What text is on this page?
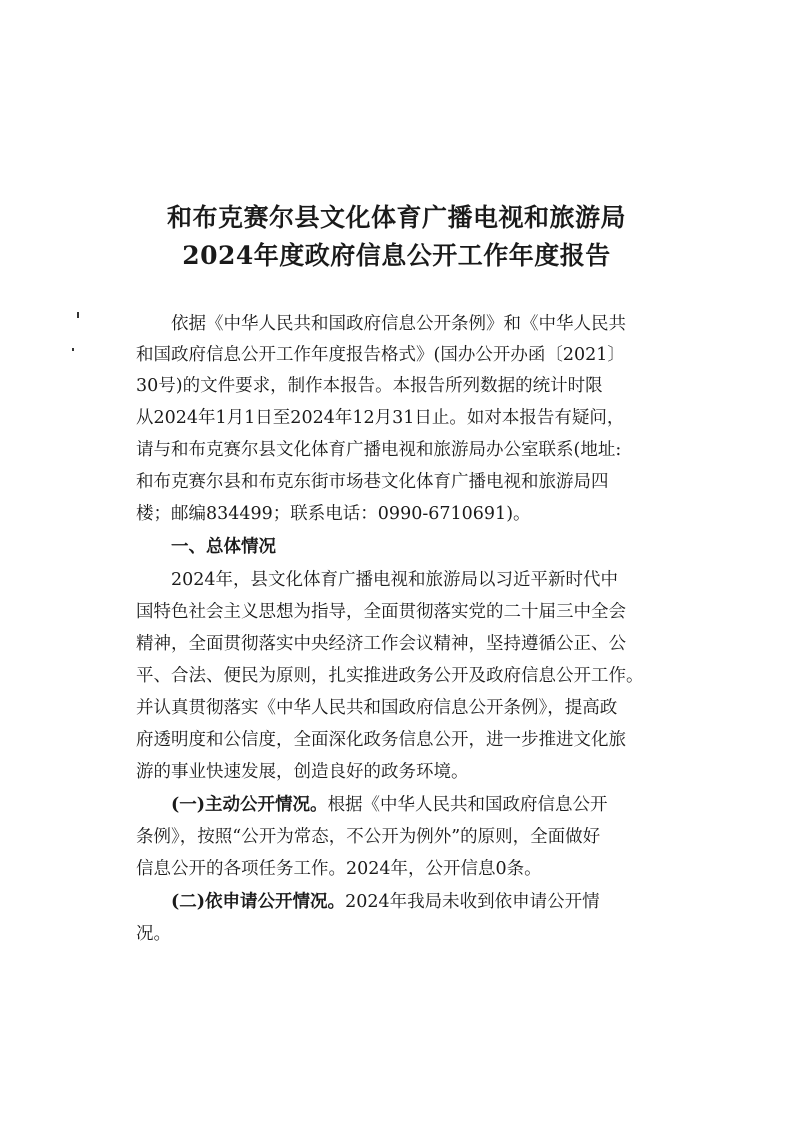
和布克赛尔县文化体育广播电视和旅游局
2024年度政府信息公开工作年度报告
依据《中华人民共和国政府信息公开条例》和《中华人民共
和国政府信息公开工作年度报告格式》(国办公开办函〔2021〕
30号)的文件要求，制作本报告。本报告所列数据的统计时限
从2024年1月1日至2024年12月31日止。如对本报告有疑问，
请与和布克赛尔县文化体育广播电视和旅游局办公室联系(地址:
和布克赛尔县和布克东街市场巷文化体育广播电视和旅游局四
楼；邮编834499；联系电话：0990-6710691)。
一、总体情况
2024年，县文化体育广播电视和旅游局以习近平新时代中
国特色社会主义思想为指导，全面贯彻落实党的二十届三中全会
精神，全面贯彻落实中央经济工作会议精神，坚持遵循公正、公
平、合法、便民为原则，扎实推进政务公开及政府信息公开工作。
并认真贯彻落实《中华人民共和国政府信息公开条例》，提高政
府透明度和公信度，全面深化政务信息公开，进一步推进文化旅
游的事业快速发展，创造良好的政务环境。
(一)主动公开情况。根据《中华人民共和国政府信息公开
条例》，按照“公开为常态，不公开为例外”的原则，全面做好
信息公开的各项任务工作。2024年，公开信息0条。
(二)依申请公开情况。2024年我局未收到依申请公开情
况。
